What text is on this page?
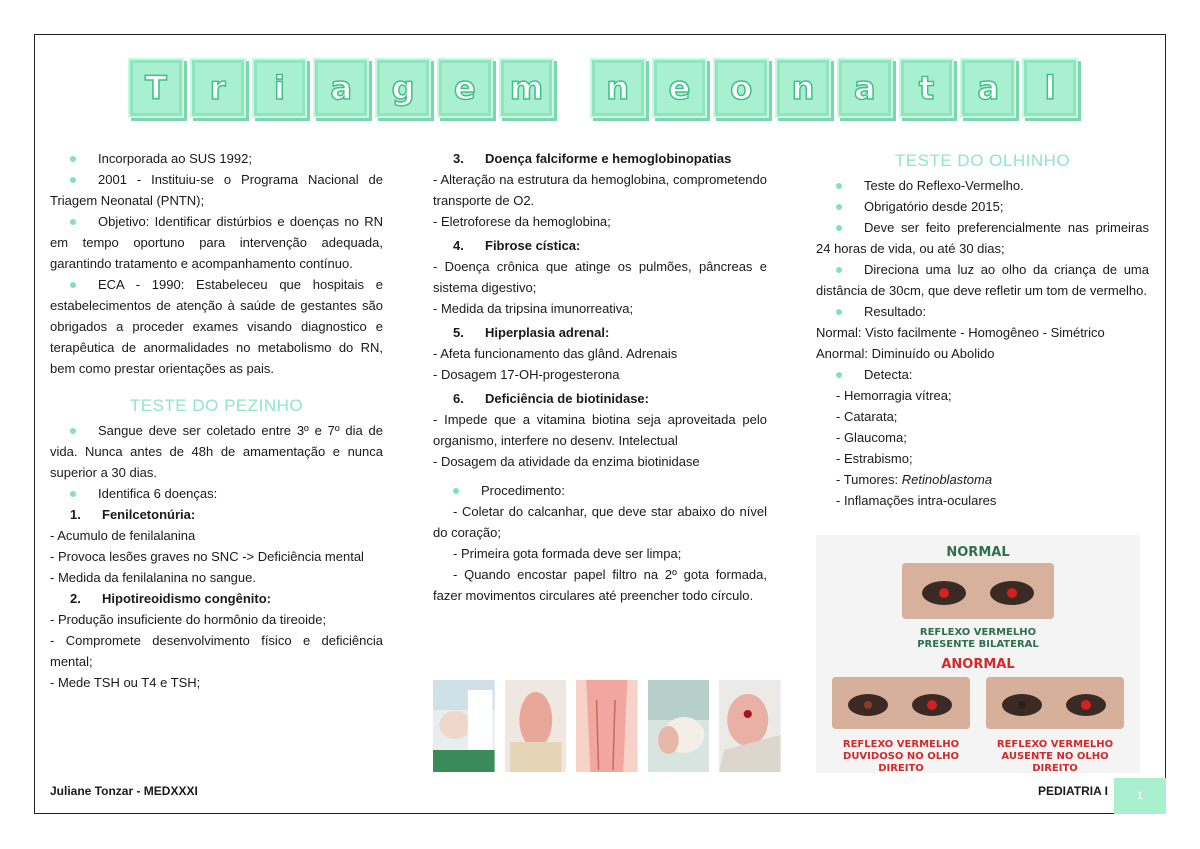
T r i a g e m n e o n a t a l

Incorporada ao SUS 1992;

2001 - Instituiu-se o Programa Nacional de Triagem Neonatal (PNTN);

Objetivo: Identificar distúrbios e doenças no RN em tempo oportuno para intervenção adequada, garantindo tratamento e acompanhamento contínuo.

ECA - 1990: Estabeleceu que hospitais e estabelecimentos de atenção à saúde de gestantes são obrigados a proceder exames visando diagnostico e terapêutica de anormalidades no metabolismo do RN, bem como prestar orientações as pais.

TESTE DO PEZINHO

Sangue deve ser coletado entre 3º e 7º dia de vida. Nunca antes de 48h de amamentação e nunca superior a 30 dias.

Identifica 6 doenças:

1. Fenilcetonúria:

- Acumulo de fenilalanina

- Provoca lesões graves no SNC -> Deficiência mental

- Medida da fenilalanina no sangue.

2. Hipotireoidismo congênito:

- Produção insuficiente do hormônio da tireoide;

- Compromete desenvolvimento físico e deficiência mental;

- Mede TSH ou T4 e TSH;

3. Doença falciforme e hemoglobinopatias

- Alteração na estrutura da hemoglobina, comprometendo transporte de O2.

- Eletroforese da hemoglobina;

4. Fibrose cística:

- Doença crônica que atinge os pulmões, pâncreas e sistema digestivo;

- Medida da tripsina imunorreativa;

5. Hiperplasia adrenal:

- Afeta funcionamento das glând. Adrenais

- Dosagem 17-OH-progesterona

6. Deficiência de biotinidase:

- Impede que a vitamina biotina seja aproveitada pelo organismo, interfere no desenv. Intelectual

- Dosagem da atividade da enzima biotinidase

Procedimento:

- Coletar do calcanhar, que deve star abaixo do nível do coração;

- Primeira gota formada deve ser limpa;

- Quando encostar papel filtro na 2º gota formada, fazer movimentos circulares até preencher todo círculo.

TESTE DO OLHINHO

Teste do Reflexo-Vermelho.

Obrigatório desde 2015;

Deve ser feito preferencialmente nas primeiras 24 horas de vida, ou até 30 dias;

Direciona uma luz ao olho da criança de uma distância de 30cm, que deve refletir um tom de vermelho.

Resultado:

Normal: Visto facilmente - Homogêneo - Simétrico

Anormal: Diminuído ou Abolido

Detecta:

- Hemorragia vítrea;

- Catarata;

- Glaucoma;

- Estrabismo;

- Tumores: Retinoblastoma

- Inflamações intra-oculares

NORMAL
REFLEXO VERMELHO
PRESENTE BILATERAL
ANORMAL
REFLEXO VERMELHO
DUVIDOSO NO OLHO DIREITO
REFLEXO VERMELHO
AUSENTE NO OLHO DIREITO
Juliane Tonzar - MEDXXXI	PEDIATRIA I	1
